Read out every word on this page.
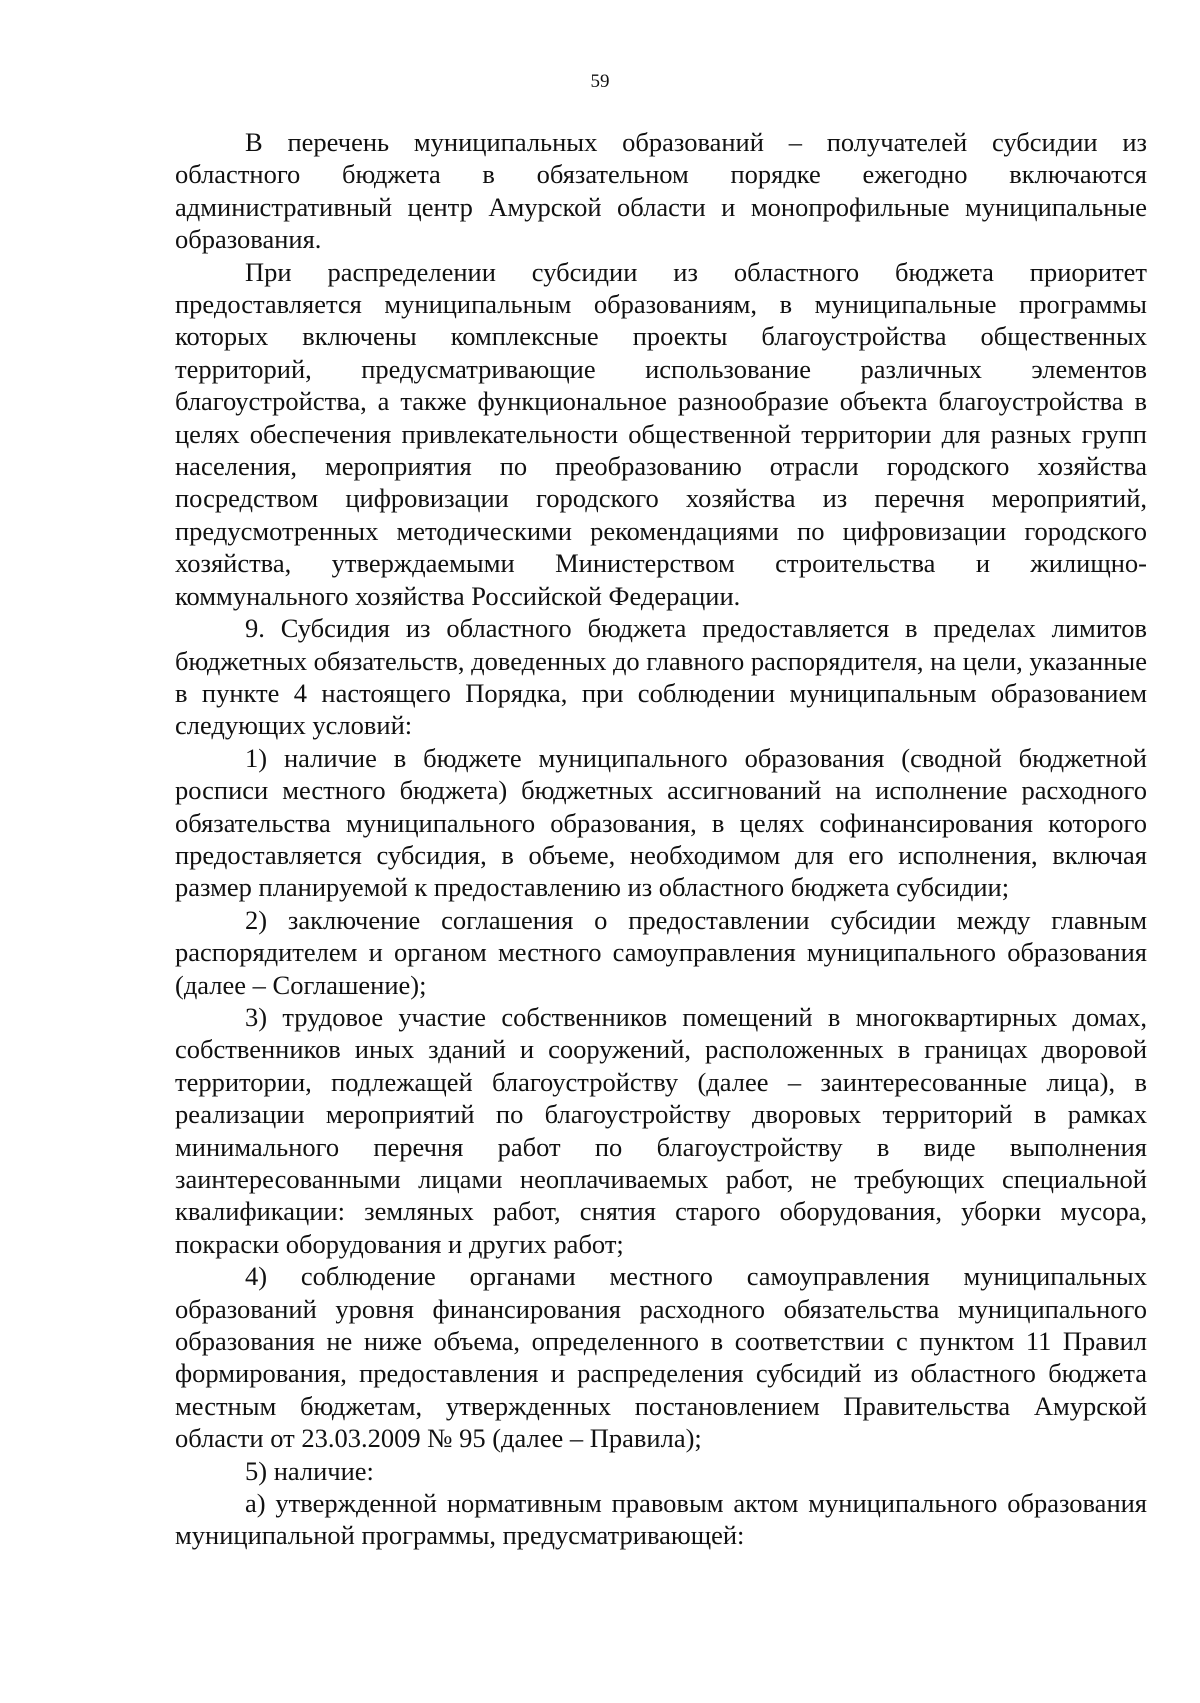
59

В перечень муниципальных образований – получателей субсидии из областного бюджета в обязательном порядке ежегодно включаются административный центр Амурской области и монопрофильные муниципальные образования.

При распределении субсидии из областного бюджета приоритет предоставляется муниципальным образованиям, в муниципальные программы которых включены комплексные проекты благоустройства общественных территорий, предусматривающие использование различных элементов благоустройства, а также функциональное разнообразие объекта благоустройства в целях обеспечения привлекательности общественной территории для разных групп населения, мероприятия по преобразованию отрасли городского хозяйства посредством цифровизации городского хозяйства из перечня мероприятий, предусмотренных методическими рекомендациями по цифровизации городского хозяйства, утверждаемыми Министерством строительства и жилищно-коммунального хозяйства Российской Федерации.

9. Субсидия из областного бюджета предоставляется в пределах лимитов бюджетных обязательств, доведенных до главного распорядителя, на цели, указанные в пункте 4 настоящего Порядка, при соблюдении муниципальным образованием следующих условий:

1) наличие в бюджете муниципального образования (сводной бюджетной росписи местного бюджета) бюджетных ассигнований на исполнение расходного обязательства муниципального образования, в целях софинансирования которого предоставляется субсидия, в объеме, необходимом для его исполнения, включая размер планируемой к предоставлению из областного бюджета субсидии;

2) заключение соглашения о предоставлении субсидии между главным распорядителем и органом местного самоуправления муниципального образования (далее – Соглашение);

3) трудовое участие собственников помещений в многоквартирных домах, собственников иных зданий и сооружений, расположенных в границах дворовой территории, подлежащей благоустройству (далее – заинтересованные лица), в реализации мероприятий по благоустройству дворовых территорий в рамках минимального перечня работ по благоустройству в виде выполнения заинтересованными лицами неоплачиваемых работ, не требующих специальной квалификации: земляных работ, снятия старого оборудования, уборки мусора, покраски оборудования и других работ;

4) соблюдение органами местного самоуправления муниципальных образований уровня финансирования расходного обязательства муниципального образования не ниже объема, определенного в соответствии с пунктом 11 Правил формирования, предоставления и распределения субсидий из областного бюджета местным бюджетам, утвержденных постановлением Правительства Амурской области от 23.03.2009 № 95 (далее – Правила);

5) наличие:

а) утвержденной нормативным правовым актом муниципального образования муниципальной программы, предусматривающей:
